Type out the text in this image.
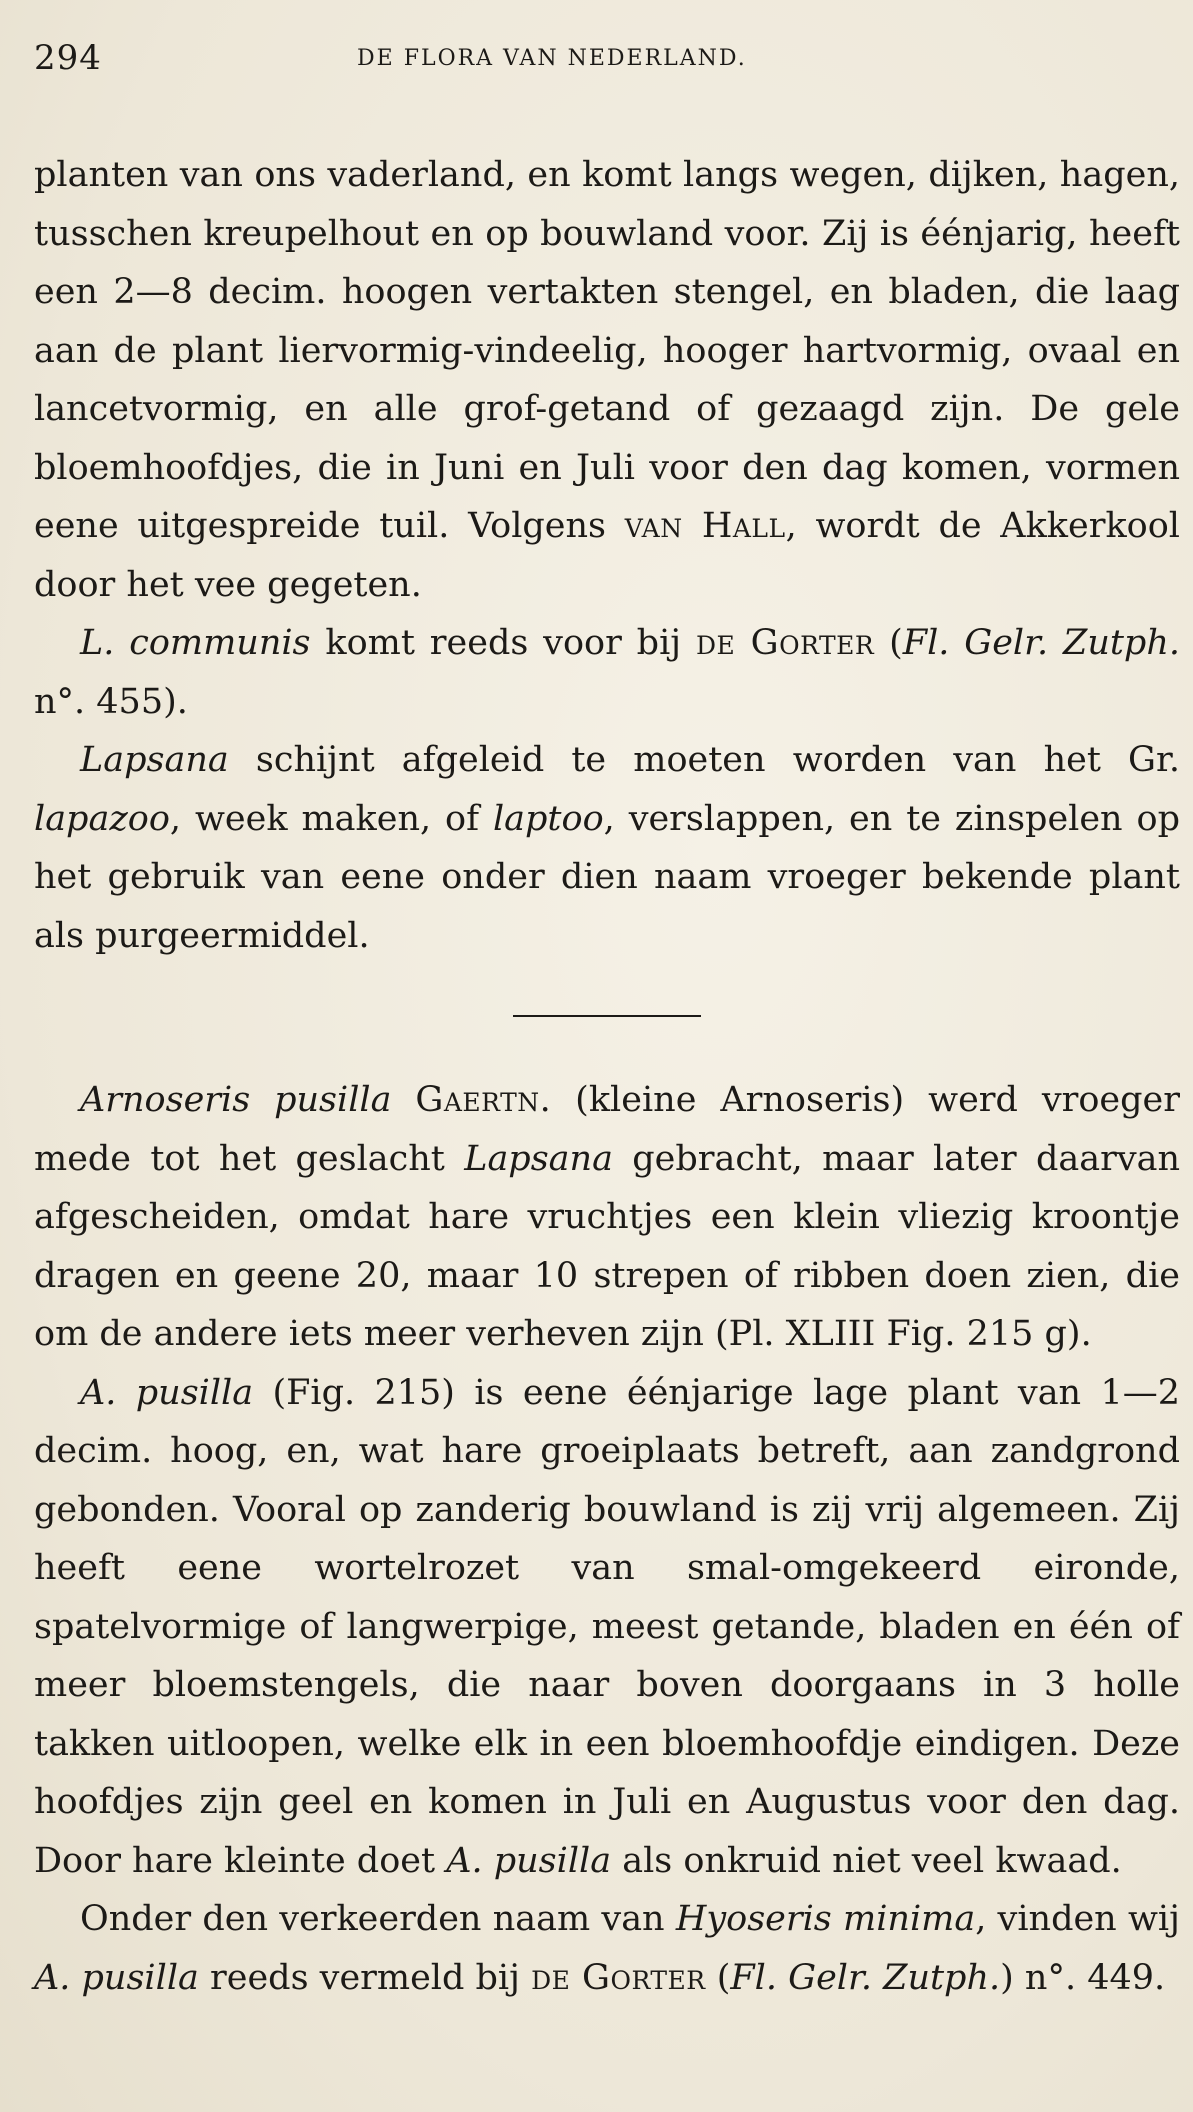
294	DE FLORA VAN NEDERLAND.

planten van ons vaderland, en komt langs wegen, dijken, hagen, tusschen kreupelhout en op bouwland voor. Zij is éénjarig, heeft een 2—8 decim. hoogen vertakten stengel, en bladen, die laag aan de plant liervormig-vindeelig, hooger hartvormig, ovaal en lancetvormig, en alle grof-getand of gezaagd zijn. De gele bloemhoofdjes, die in Juni en Juli voor den dag komen, vormen eene uitgespreide tuil. Volgens van Hall, wordt de Akkerkool door het vee gegeten.

L. communis komt reeds voor bij de Gorter (Fl. Gelr. Zutph. n°. 455).

Lapsana schijnt afgeleid te moeten worden van het Gr. lapazoo, week maken, of laptoo, verslappen, en te zinspelen op het gebruik van eene onder dien naam vroeger bekende plant als purgeermiddel.

Arnoseris pusilla Gaertn. (kleine Arnoseris) werd vroeger mede tot het geslacht Lapsana gebracht, maar later daarvan afgescheiden, omdat hare vruchtjes een klein vliezig kroontje dragen en geene 20, maar 10 strepen of ribben doen zien, die om de andere iets meer verheven zijn (Pl. XLIII Fig. 215 g).

A. pusilla (Fig. 215) is eene éénjarige lage plant van 1—2 decim. hoog, en, wat hare groeiplaats betreft, aan zandgrond gebonden. Vooral op zanderig bouwland is zij vrij algemeen. Zij heeft eene wortelrozet van smal-omgekeerd eironde, spatelvormige of langwerpige, meest getande, bladen en één of meer bloemstengels, die naar boven doorgaans in 3 holle takken uitloopen, welke elk in een bloemhoofdje eindigen. Deze hoofdjes zijn geel en komen in Juli en Augustus voor den dag. Door hare kleinte doet A. pusilla als onkruid niet veel kwaad.

Onder den verkeerden naam van Hyoseris minima, vinden wij A. pusilla reeds vermeld bij de Gorter (Fl. Gelr. Zutph.) n°. 449.
